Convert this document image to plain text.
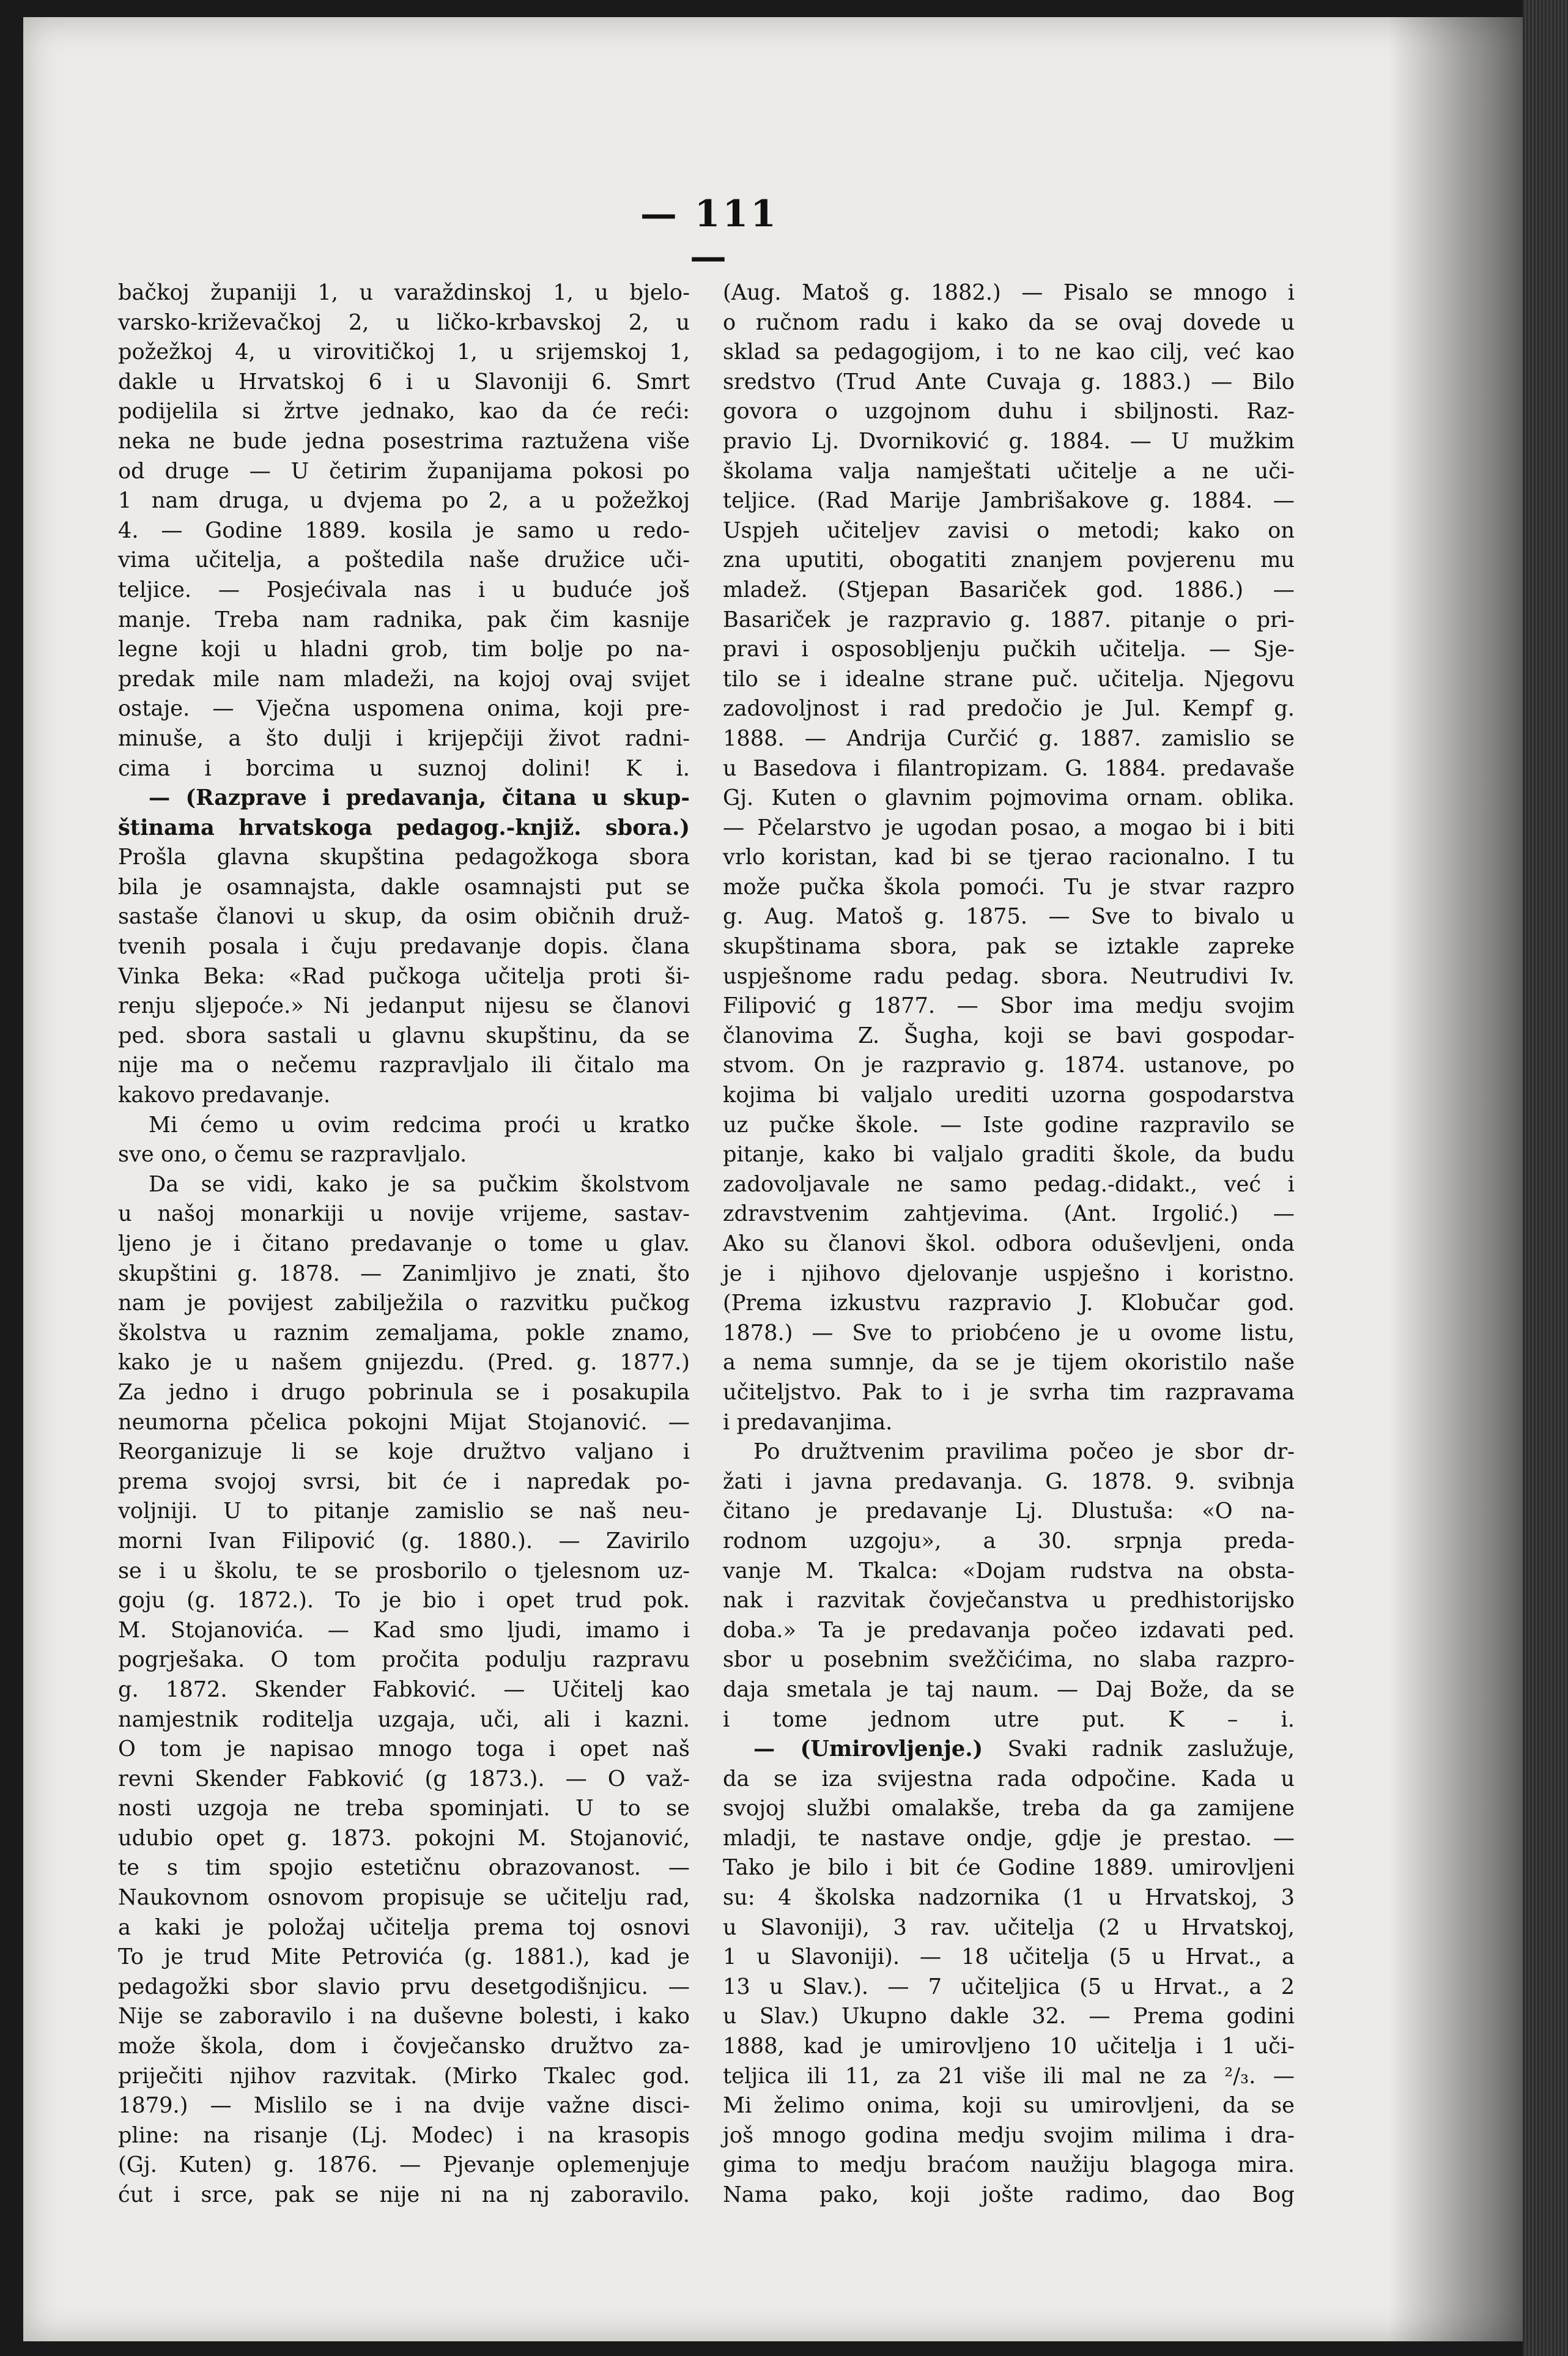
— 111 —
bačkoj županiji 1, u varaždinskoj 1, u bjelo-
varsko-križevačkoj 2, u ličko-krbavskoj 2, u
požežkoj 4, u virovitičkoj 1, u srijemskoj 1,
dakle u Hrvatskoj 6 i u Slavoniji 6. Smrt
podijelila si žrtve jednako, kao da će reći:
neka ne bude jedna posestrima raztužena više
od druge — U četirim županijama pokosi po
1 nam druga, u dvjema po 2, a u požežkoj
4. — Godine 1889. kosila je samo u redo-
vima učitelja, a poštedila naše družice uči-
teljice. — Posjećivala nas i u buduće još
manje. Treba nam radnika, pak čim kasnije
legne koji u hladni grob, tim bolje po na-
predak mile nam mladeži, na kojoj ovaj svijet
ostaje. — Vječna uspomena onima, koji pre-
minuše, a što dulji i krijepčiji život radni-
cima i borcima u suznoj dolini! K i.
— (Razprave i predavanja, čitana u skup-
štinama hrvatskoga pedagog.-knjiž. sbora.)
Prošla glavna skupština pedagožkoga sbora
bila je osamnajsta, dakle osamnajsti put se
sastaše članovi u skup, da osim običnih druž-
tvenih posala i čuju predavanje dopis. člana
Vinka Beka: «Rad pučkoga učitelja proti ši-
renju sljepoće.» Ni jedanput nijesu se članovi
ped. sbora sastali u glavnu skupštinu, da se
nije ma o nečemu razpravljalo ili čitalo ma
kakovo predavanje.
Mi ćemo u ovim redcima proći u kratko
sve ono, o čemu se razpravljalo.
Da se vidi, kako je sa pučkim školstvom
u našoj monarkiji u novije vrijeme, sastav-
ljeno je i čitano predavanje o tome u glav.
skupštini g. 1878. — Zanimljivo je znati, što
nam je povijest zabilježila o razvitku pučkog
školstva u raznim zemaljama, pokle znamo,
kako je u našem gnijezdu. (Pred. g. 1877.)
Za jedno i drugo pobrinula se i posakupila
neumorna pčelica pokojni Mijat Stojanović. —
Reorganizuje li se koje družtvo valjano i
prema svojoj svrsi, bit će i napredak po-
voljniji. U to pitanje zamislio se naš neu-
morni Ivan Filipović (g. 1880.). — Zavirilo
se i u školu, te se prosborilo o tjelesnom uz-
goju (g. 1872.). To je bio i opet trud pok.
M. Stojanovića. — Kad smo ljudi, imamo i
pogrješaka. O tom pročita podulju razpravu
g. 1872. Skender Fabković. — Učitelj kao
namjestnik roditelja uzgaja, uči, ali i kazni.
O tom je napisao mnogo toga i opet naš
revni Skender Fabković (g 1873.). — O važ-
nosti uzgoja ne treba spominjati. U to se
udubio opet g. 1873. pokojni M. Stojanović,
te s tim spojio estetičnu obrazovanost. —
Naukovnom osnovom propisuje se učitelju rad,
a kaki je položaj učitelja prema toj osnovi
To je trud Mite Petrovića (g. 1881.), kad je
pedagožki sbor slavio prvu desetgodišnjicu. —
Nije se zaboravilo i na duševne bolesti, i kako
može škola, dom i čovječansko družtvo za-
priječiti njihov razvitak. (Mirko Tkalec god.
1879.) — Mislilo se i na dvije važne disci-
pline: na risanje (Lj. Modec) i na krasopis
(Gj. Kuten) g. 1876. — Pjevanje oplemenjuje
ćut i srce, pak se nije ni na nj zaboravilo.
(Aug. Matoš g. 1882.) — Pisalo se mnogo i
o ručnom radu i kako da se ovaj dovede u
sklad sa pedagogijom, i to ne kao cilj, već kao
sredstvo (Trud Ante Cuvaja g. 1883.) — Bilo
govora o uzgojnom duhu i sbiljnosti. Raz-
pravio Lj. Dvorniković g. 1884. — U mužkim
školama valja namještati učitelje a ne uči-
teljice. (Rad Marije Jambrišakove g. 1884. —
Uspjeh učiteljev zavisi o metodi; kako on
zna uputiti, obogatiti znanjem povjerenu mu
mladež. (Stjepan Basariček god. 1886.) —
Basariček je razpravio g. 1887. pitanje o pri-
pravi i osposobljenju pučkih učitelja. — Sje-
tilo se i idealne strane puč. učitelja. Njegovu
zadovoljnost i rad predočio je Jul. Kempf g.
1888. — Andrija Curčić g. 1887. zamislio se
u Basedova i filantropizam. G. 1884. predavaše
Gj. Kuten o glavnim pojmovima ornam. oblika.
— Pčelarstvo je ugodan posao, a mogao bi i biti
vrlo koristan, kad bi se tjerao racionalno. I tu
može pučka škola pomoći. Tu je stvar razpro
g. Aug. Matoš g. 1875. — Sve to bivalo u
skupštinama sbora, pak se iztakle zapreke
uspješnome radu pedag. sbora. Neutrudivi Iv.
Filipović g 1877. — Sbor ima medju svojim
članovima Z. Šugha, koji se bavi gospodar-
stvom. On je razpravio g. 1874. ustanove, po
kojima bi valjalo urediti uzorna gospodarstva
uz pučke škole. — Iste godine razpravilo se
pitanje, kako bi valjalo graditi škole, da budu
zadovoljavale ne samo pedag.-didakt., već i
zdravstvenim zahtjevima. (Ant. Irgolić.) —
Ako su članovi škol. odbora oduševljeni, onda
je i njihovo djelovanje uspješno i koristno.
(Prema izkustvu razpravio J. Klobučar god.
1878.) — Sve to priobćeno je u ovome listu,
a nema sumnje, da se je tijem okoristilo naše
učiteljstvo. Pak to i je svrha tim razpravama
i predavanjima.
Po družtvenim pravilima počeo je sbor dr-
žati i javna predavanja. G. 1878. 9. svibnja
čitano je predavanje Lj. Dlustuša: «O na-
rodnom uzgoju», a 30. srpnja preda-
vanje M. Tkalca: «Dojam rudstva na obsta-
nak i razvitak čovječanstva u predhistorijsko
doba.» Ta je predavanja počeo izdavati ped.
sbor u posebnim svežčićima, no slaba razpro-
daja smetala je taj naum. — Daj Bože, da se
i tome jednom utre put. K – i.
— (Umirovljenje.) Svaki radnik zaslužuje,
da se iza svijestna rada odpočine. Kada u
svojoj službi omalakše, treba da ga zamijene
mladji, te nastave ondje, gdje je prestao. —
Tako je bilo i bit će Godine 1889. umirovljeni
su: 4 školska nadzornika (1 u Hrvatskoj, 3
u Slavoniji), 3 rav. učitelja (2 u Hrvatskoj,
1 u Slavoniji). — 18 učitelja (5 u Hrvat., a
13 u Slav.). — 7 učiteljica (5 u Hrvat., a 2
u Slav.) Ukupno dakle 32. — Prema godini
1888, kad je umirovljeno 10 učitelja i 1 uči-
teljica ili 11, za 21 više ili mal ne za ²/₃. —
Mi želimo onima, koji su umirovljeni, da se
još mnogo godina medju svojim milima i dra-
gima to medju braćom naužiju blagoga mira.
Nama pako, koji jošte radimo, dao Bog
